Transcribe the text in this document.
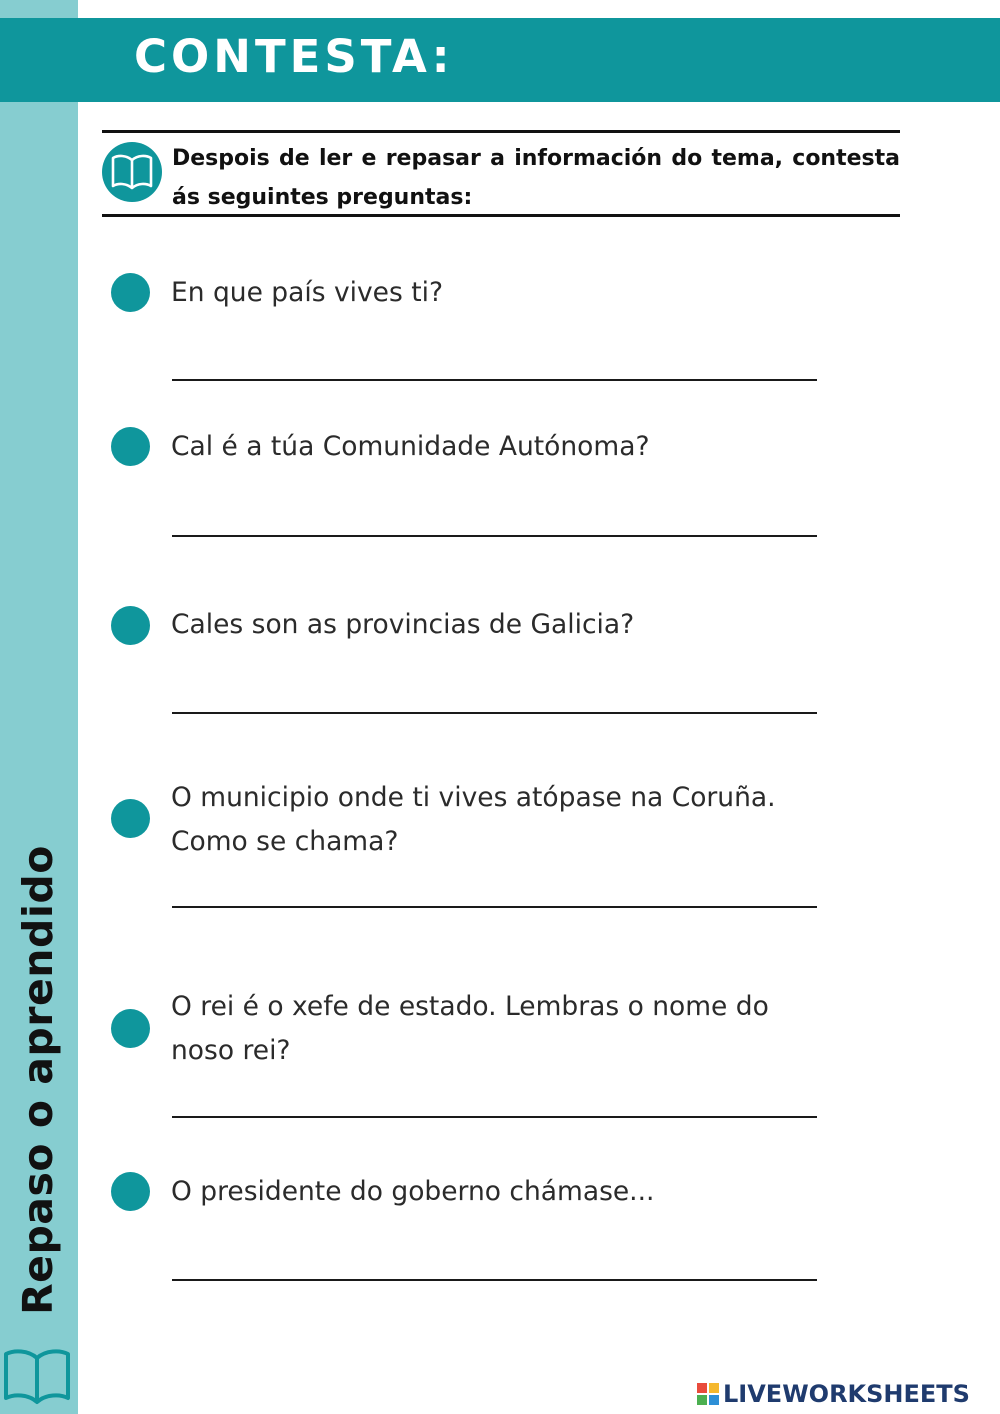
Repaso o aprendido
CONTESTA:
Despois de ler e repasar a información do tema, contesta ás seguintes preguntas:
En que país vives ti?
Cal é a túa Comunidade Autónoma?
Cales son as provincias de Galicia?
O municipio onde ti vives atópase na Coruña. Como se chama?
O rei é o xefe de estado. Lembras o nome do noso rei?
O presidente do goberno chámase...
LIVEWORKSHEETS
